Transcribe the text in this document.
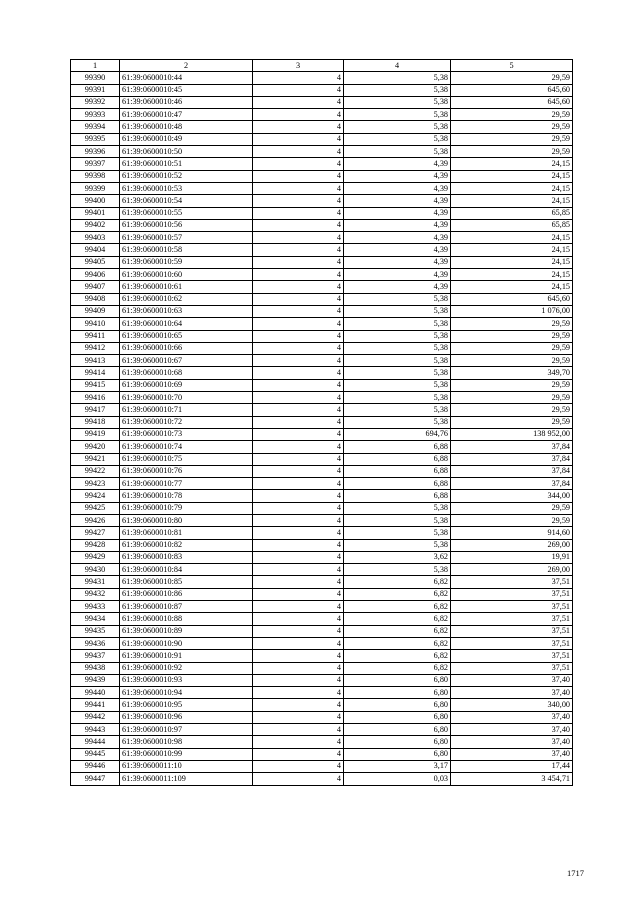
1	2	3	4	5
99390	61:39:0600010:44	4	5,38	29,59
99391	61:39:0600010:45	4	5,38	645,60
99392	61:39:0600010:46	4	5,38	645,60
99393	61:39:0600010:47	4	5,38	29,59
99394	61:39:0600010:48	4	5,38	29,59
99395	61:39:0600010:49	4	5,38	29,59
99396	61:39:0600010:50	4	5,38	29,59
99397	61:39:0600010:51	4	4,39	24,15
99398	61:39:0600010:52	4	4,39	24,15
99399	61:39:0600010:53	4	4,39	24,15
99400	61:39:0600010:54	4	4,39	24,15
99401	61:39:0600010:55	4	4,39	65,85
99402	61:39:0600010:56	4	4,39	65,85
99403	61:39:0600010:57	4	4,39	24,15
99404	61:39:0600010:58	4	4,39	24,15
99405	61:39:0600010:59	4	4,39	24,15
99406	61:39:0600010:60	4	4,39	24,15
99407	61:39:0600010:61	4	4,39	24,15
99408	61:39:0600010:62	4	5,38	645,60
99409	61:39:0600010:63	4	5,38	1 076,00
99410	61:39:0600010:64	4	5,38	29,59
99411	61:39:0600010:65	4	5,38	29,59
99412	61:39:0600010:66	4	5,38	29,59
99413	61:39:0600010:67	4	5,38	29,59
99414	61:39:0600010:68	4	5,38	349,70
99415	61:39:0600010:69	4	5,38	29,59
99416	61:39:0600010:70	4	5,38	29,59
99417	61:39:0600010:71	4	5,38	29,59
99418	61:39:0600010:72	4	5,38	29,59
99419	61:39:0600010:73	4	694,76	138 952,00
99420	61:39:0600010:74	4	6,88	37,84
99421	61:39:0600010:75	4	6,88	37,84
99422	61:39:0600010:76	4	6,88	37,84
99423	61:39:0600010:77	4	6,88	37,84
99424	61:39:0600010:78	4	6,88	344,00
99425	61:39:0600010:79	4	5,38	29,59
99426	61:39:0600010:80	4	5,38	29,59
99427	61:39:0600010:81	4	5,38	914,60
99428	61:39:0600010:82	4	5,38	269,00
99429	61:39:0600010:83	4	3,62	19,91
99430	61:39:0600010:84	4	5,38	269,00
99431	61:39:0600010:85	4	6,82	37,51
99432	61:39:0600010:86	4	6,82	37,51
99433	61:39:0600010:87	4	6,82	37,51
99434	61:39:0600010:88	4	6,82	37,51
99435	61:39:0600010:89	4	6,82	37,51
99436	61:39:0600010:90	4	6,82	37,51
99437	61:39:0600010:91	4	6,82	37,51
99438	61:39:0600010:92	4	6,82	37,51
99439	61:39:0600010:93	4	6,80	37,40
99440	61:39:0600010:94	4	6,80	37,40
99441	61:39:0600010:95	4	6,80	340,00
99442	61:39:0600010:96	4	6,80	37,40
99443	61:39:0600010:97	4	6,80	37,40
99444	61:39:0600010:98	4	6,80	37,40
99445	61:39:0600010:99	4	6,80	37,40
99446	61:39:0600011:10	4	3,17	17,44
99447	61:39:0600011:109	4	0,03	3 454,71
1717
